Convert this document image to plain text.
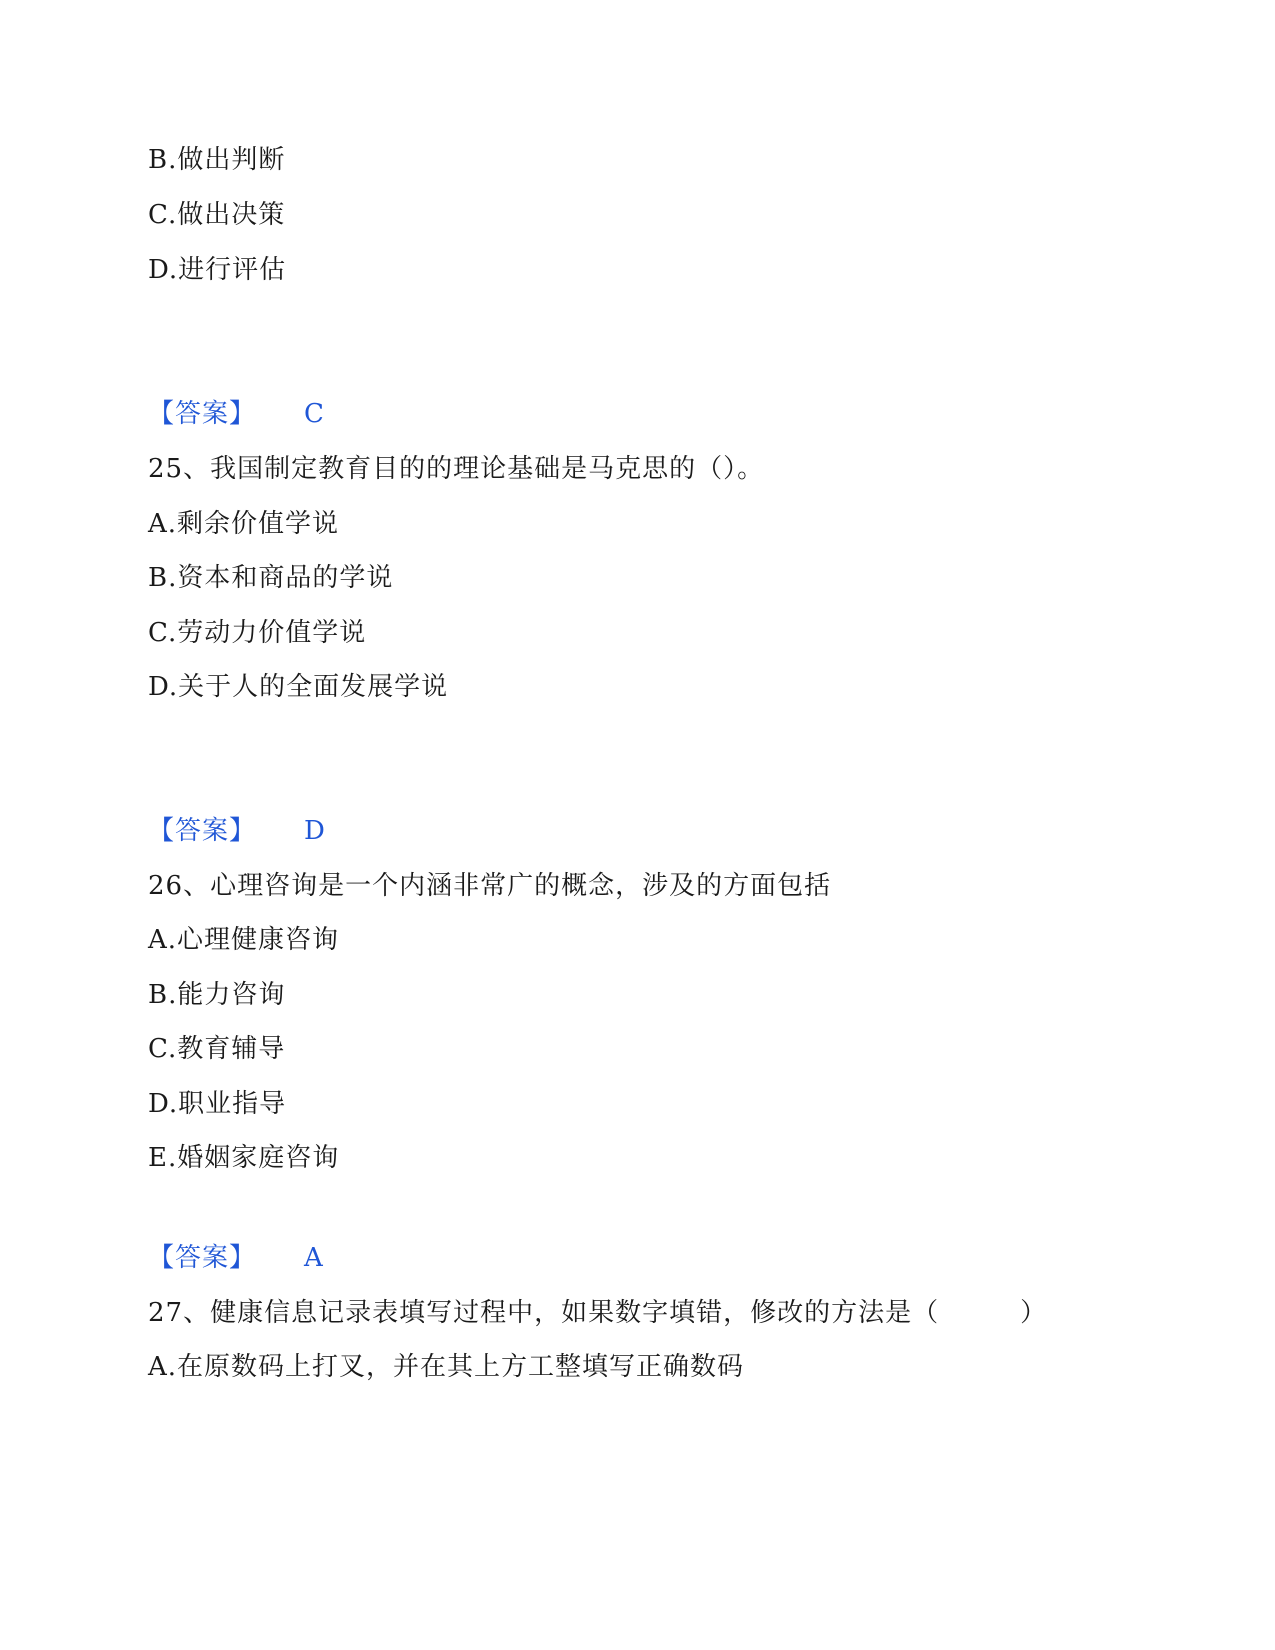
B.做出判断
C.做出决策
D.进行评估
【答案】 C
25、我国制定教育目的的理论基础是马克思的（）。
A.剩余价值学说
B.资本和商品的学说
C.劳动力价值学说
D.关于人的全面发展学说
【答案】 D
26、心理咨询是一个内涵非常广的概念，涉及的方面包括
A.心理健康咨询
B.能力咨询
C.教育辅导
D.职业指导
E.婚姻家庭咨询
【答案】 A
27、健康信息记录表填写过程中，如果数字填错，修改的方法是（　　　）
A.在原数码上打叉，并在其上方工整填写正确数码
